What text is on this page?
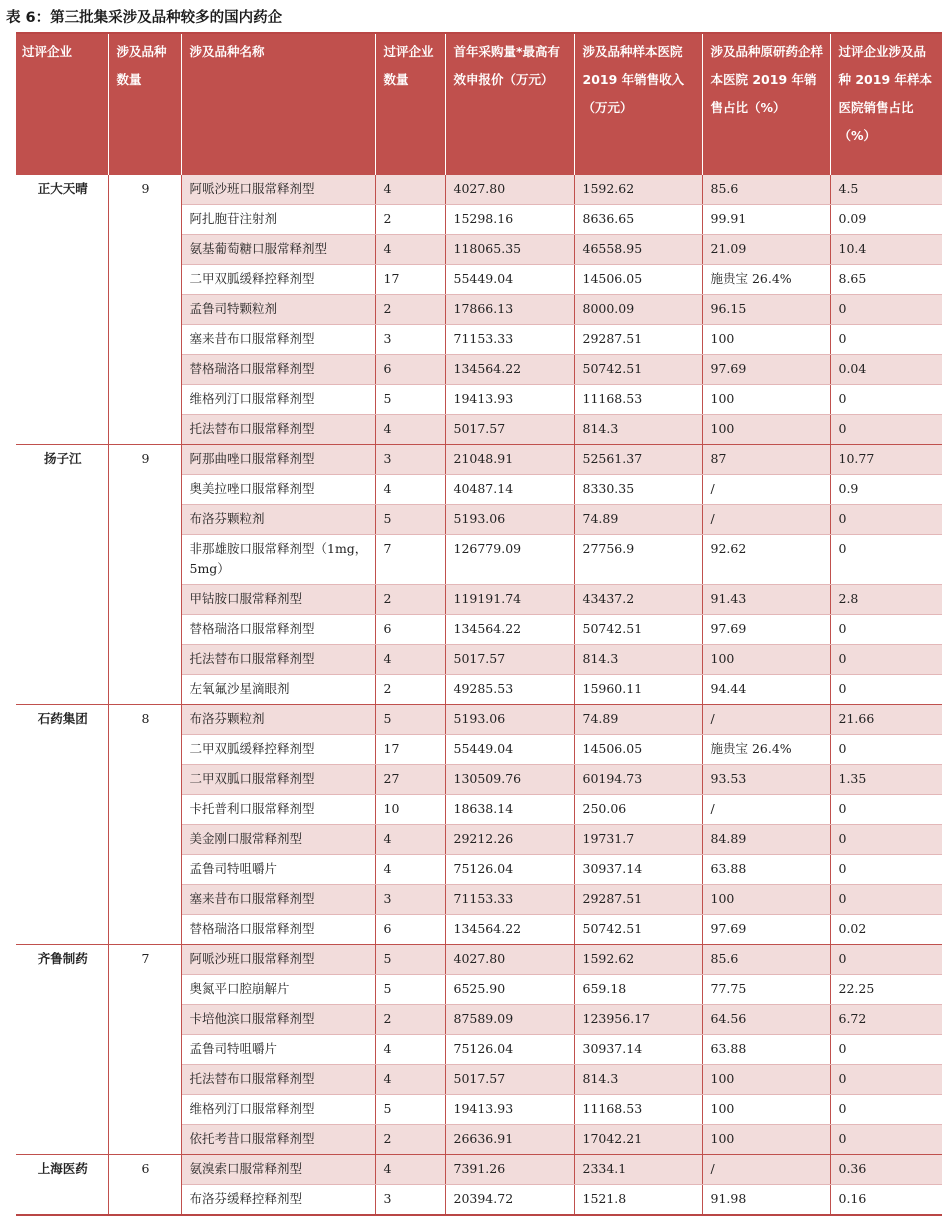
表 6：第三批集采涉及品种较多的国内药企
过评企业	涉及品种数量	涉及品种名称	过评企业数量	首年采购量*最高有效申报价（万元）	涉及品种样本医院 2019 年销售收入（万元）	涉及品种原研药企样本医院 2019 年销售占比（%）	过评企业涉及品种 2019 年样本医院销售占比（%）
正大天晴	9	阿哌沙班口服常释剂型	4	4027.80	1592.62	85.6	4.5
		阿扎胞苷注射剂	2	15298.16	8636.65	99.91	0.09
		氨基葡萄糖口服常释剂型	4	118065.35	46558.95	21.09	10.4
		二甲双胍缓释控释剂型	17	55449.04	14506.05	施贵宝 26.4%	8.65
		孟鲁司特颗粒剂	2	17866.13	8000.09	96.15	0
		塞来昔布口服常释剂型	3	71153.33	29287.51	100	0
		替格瑞洛口服常释剂型	6	134564.22	50742.51	97.69	0.04
		维格列汀口服常释剂型	5	19413.93	11168.53	100	0
		托法替布口服常释剂型	4	5017.57	814.3	100	0
扬子江	9	阿那曲唑口服常释剂型	3	21048.91	52561.37	87	10.77
		奥美拉唑口服常释剂型	4	40487.14	8330.35	/	0.9
		布洛芬颗粒剂	5	5193.06	74.89	/	0
		非那雄胺口服常释剂型（1mg，5mg）	7	126779.09	27756.9	92.62	0
		甲钴胺口服常释剂型	2	119191.74	43437.2	91.43	2.8
		替格瑞洛口服常释剂型	6	134564.22	50742.51	97.69	0
		托法替布口服常释剂型	4	5017.57	814.3	100	0
		左氧氟沙星滴眼剂	2	49285.53	15960.11	94.44	0
石药集团	8	布洛芬颗粒剂	5	5193.06	74.89	/	21.66
		二甲双胍缓释控释剂型	17	55449.04	14506.05	施贵宝 26.4%	0
		二甲双胍口服常释剂型	27	130509.76	60194.73	93.53	1.35
		卡托普利口服常释剂型	10	18638.14	250.06	/	0
		美金刚口服常释剂型	4	29212.26	19731.7	84.89	0
		孟鲁司特咀嚼片	4	75126.04	30937.14	63.88	0
		塞来昔布口服常释剂型	3	71153.33	29287.51	100	0
		替格瑞洛口服常释剂型	6	134564.22	50742.51	97.69	0.02
齐鲁制药	7	阿哌沙班口服常释剂型	5	4027.80	1592.62	85.6	0
		奥氮平口腔崩解片	5	6525.90	659.18	77.75	22.25
		卡培他滨口服常释剂型	2	87589.09	123956.17	64.56	6.72
		孟鲁司特咀嚼片	4	75126.04	30937.14	63.88	0
		托法替布口服常释剂型	4	5017.57	814.3	100	0
		维格列汀口服常释剂型	5	19413.93	11168.53	100	0
		依托考昔口服常释剂型	2	26636.91	17042.21	100	0
上海医药	6	氨溴索口服常释剂型	4	7391.26	2334.1	/	0.36
		布洛芬缓释控释剂型	3	20394.72	1521.8	91.98	0.16
